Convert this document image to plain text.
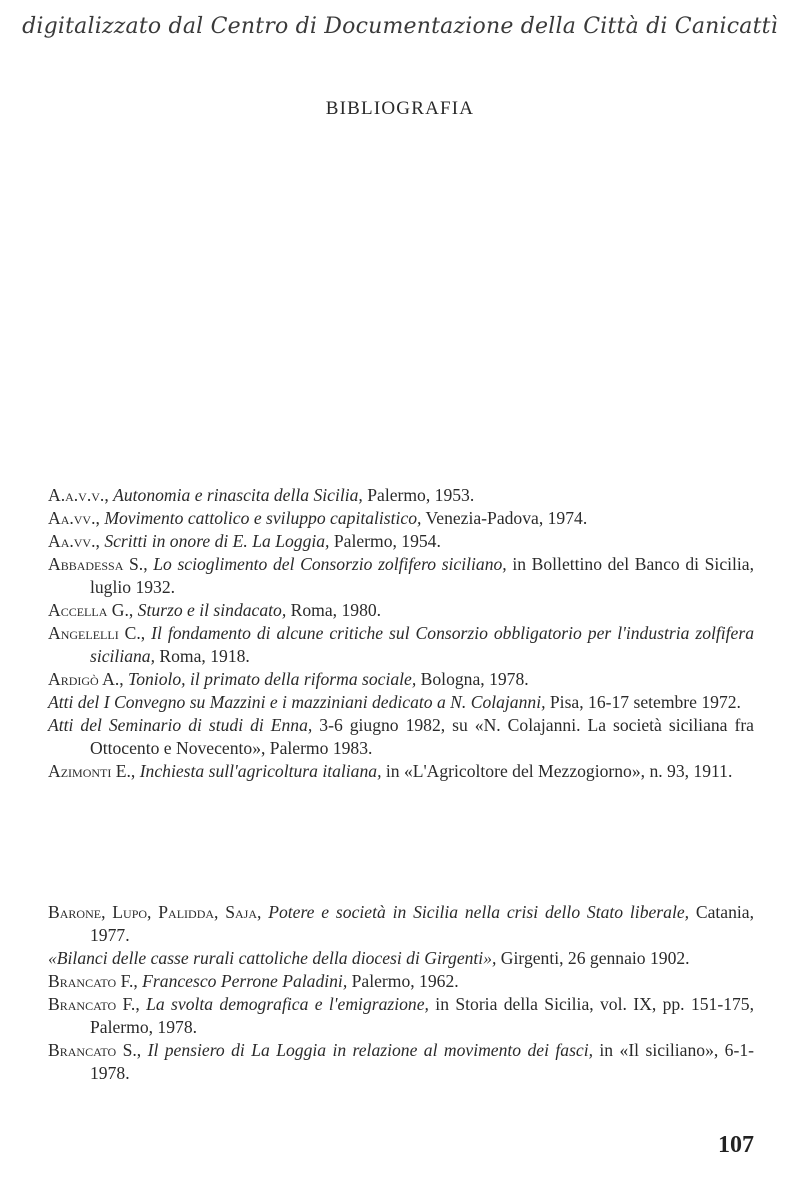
digitalizzato dal Centro di Documentazione della Città di Canicattì
BIBLIOGRAFIA
A.a.v.v., Autonomia e rinascita della Sicilia, Palermo, 1953.
Aa.vv., Movimento cattolico e sviluppo capitalistico, Venezia-Padova, 1974.
Aa.vv., Scritti in onore di E. La Loggia, Palermo, 1954.
Abbadessa S., Lo scioglimento del Consorzio zolfifero siciliano, in Bollettino del Banco di Sicilia, luglio 1932.
Accella G., Sturzo e il sindacato, Roma, 1980.
Angelelli C., Il fondamento di alcune critiche sul Consorzio obbligatorio per l'industria zolfifera siciliana, Roma, 1918.
Ardigò A., Toniolo, il primato della riforma sociale, Bologna, 1978.
Atti del I Convegno su Mazzini e i mazziniani dedicato a N. Colajanni, Pisa, 16-17 setembre 1972.
Atti del Seminario di studi di Enna, 3-6 giugno 1982, su «N. Colajanni. La società siciliana fra Ottocento e Novecento», Palermo 1983.
Azimonti E., Inchiesta sull'agricoltura italiana, in «L'Agricoltore del Mezzogiorno», n. 93, 1911.
Barone, Lupo, Palidda, Saja, Potere e società in Sicilia nella crisi dello Stato liberale, Catania, 1977.
«Bilanci delle casse rurali cattoliche della diocesi di Girgenti», Girgenti, 26 gennaio 1902.
Brancato F., Francesco Perrone Paladini, Palermo, 1962.
Brancato F., La svolta demografica e l'emigrazione, in Storia della Sicilia, vol. IX, pp. 151-175, Palermo, 1978.
Brancato S., Il pensiero di La Loggia in relazione al movimento dei fasci, in «Il siciliano», 6-1-1978.
107
